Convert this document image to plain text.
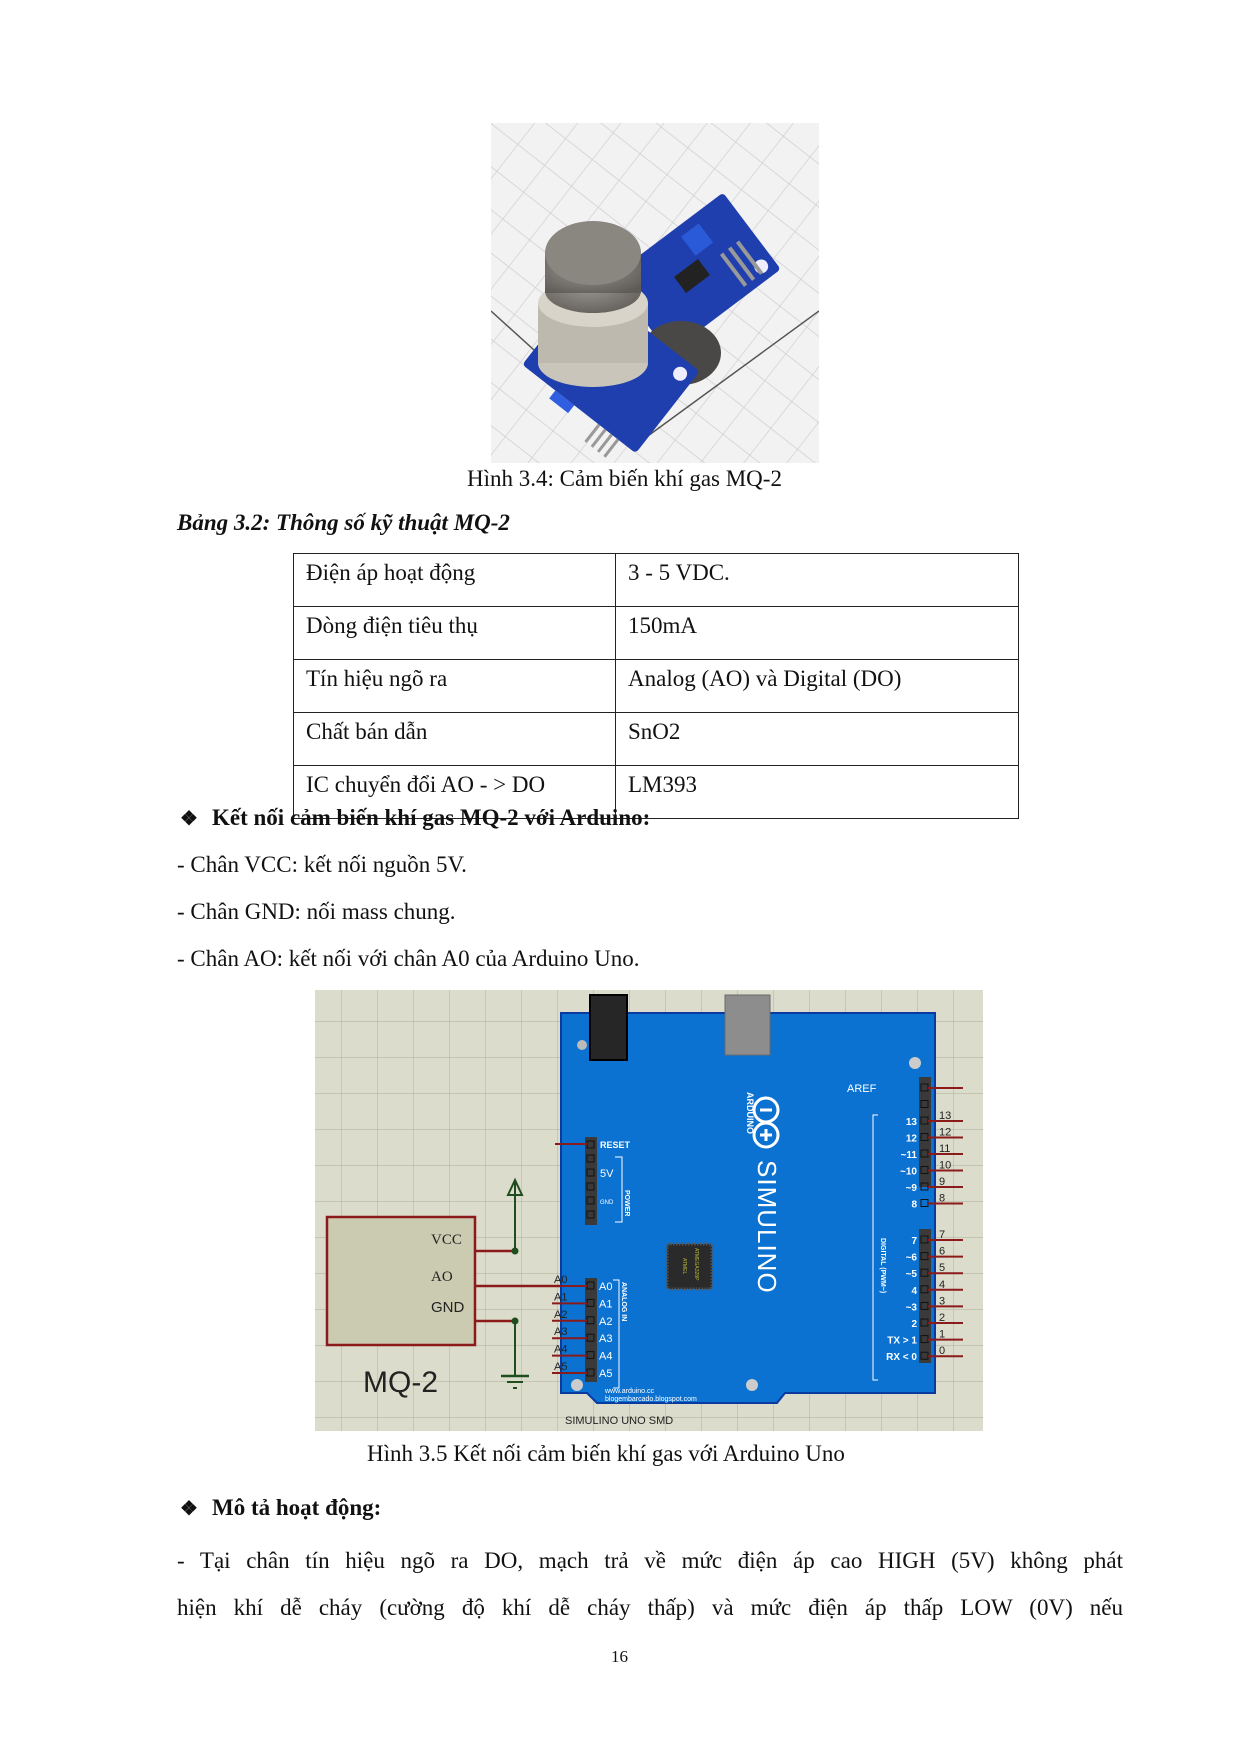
Hình 3.4: Cảm biến khí gas MQ-2
Bảng 3.2: Thông số kỹ thuật MQ-2
Điện áp hoạt động	3 - 5 VDC.
Dòng điện tiêu thụ	150mA
Tín hiệu ngõ ra	Analog (AO) và Digital (DO)
Chất bán dẫn	SnO2
IC chuyển đổi AO - > DO	LM393
❖ Kết nối cảm biến khí gas MQ-2 với Arduino:
- Chân VCC: kết nối nguồn 5V.
- Chân GND: nối mass chung.
- Chân AO: kết nối với chân A0 của Arduino Uno.
VCC
AO
GND
MQ-2
ARDUINO
SIMULINO
ATMEL ATMEGA328P
RESET
5V
GND POWER
AREF
DIGITAL (PWM~)
www.arduino.cc
blogembarcado.blogspot.com
A0
A0
A1
A1
A2
A2
A3
A3
A4
A4
A5
A5
ANALOG IN
13
13
12
12
~11
11
~10
10
~9
9
8
8
7
7
~6
6
~5
5
4
4
~3
3
2
2
TX > 1
1
RX < 0
0
SIMULINO UNO SMD
Hình 3.5 Kết nối cảm biến khí gas với Arduino Uno
❖ Mô tả hoạt động:
- Tại chân tín hiệu ngõ ra DO, mạch trả về mức điện áp cao HIGH (5V) không phát
hiện khí dễ cháy (cường độ khí dễ cháy thấp) và mức điện áp thấp LOW (0V) nếu
16
